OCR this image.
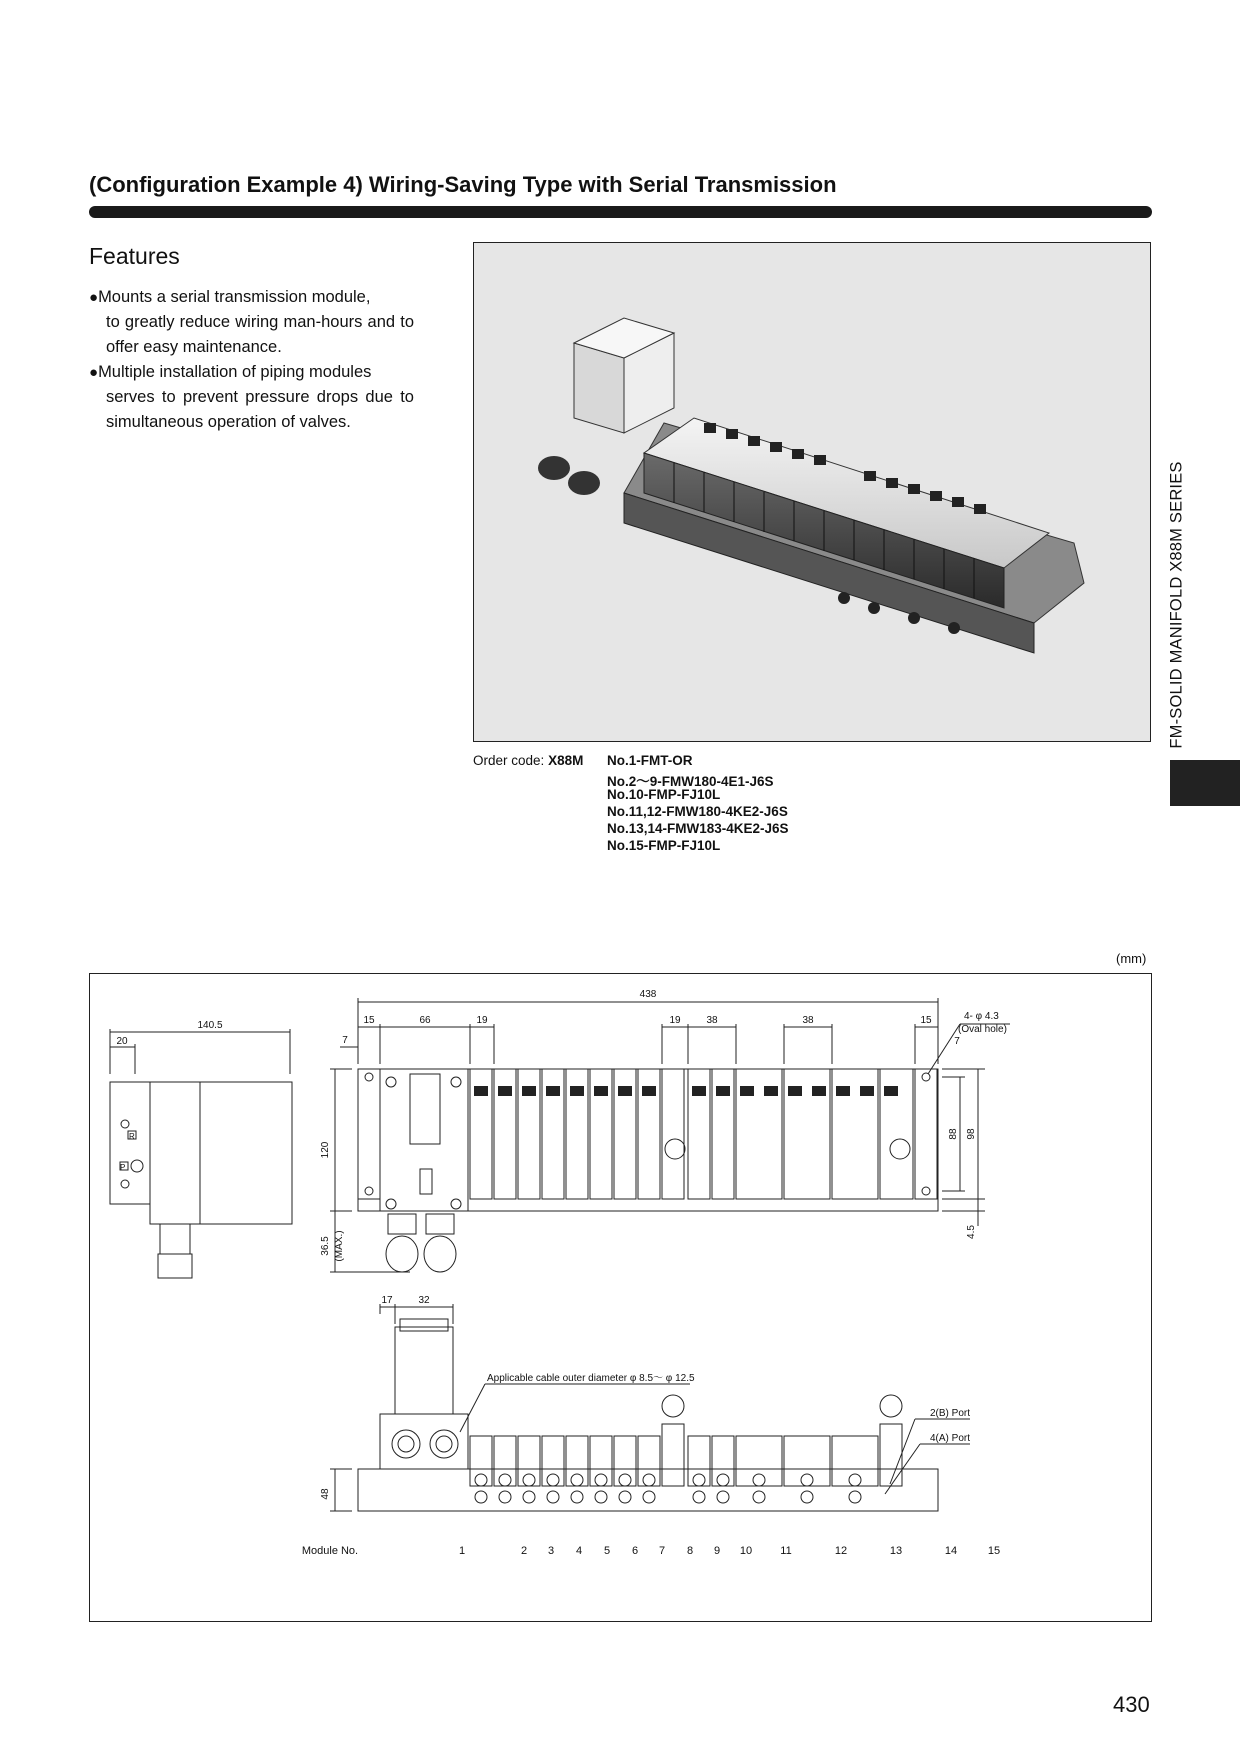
(Configuration Example 4) Wiring-Saving Type with Serial Transmission
Features
●Mounts a serial transmission module,
to greatly reduce wiring man-hours and to offer easy maintenance.
●Multiple installation of piping modules
serves to prevent pressure drops due to simultaneous operation of valves.
Order code: X88M No.1-FMT-OR
No.2～9-FMW180-4E1-J6S
No.10-FMP-FJ10L
No.11,12-FMW180-4KE2-J6S
No.13,14-FMW183-4KE2-J6S
No.15-FMP-FJ10L
FM-SOLID MANIFOLD X88M SERIES
(mm)
438
140.5
20
15	66	19	19	38	38	15
7	7
120
36.5 (MAX.)
88 98
4.5
17	32
48
4- φ 4.3
(Oval hole)
R
P
Applicable cable outer diameter φ 8.5～ φ 12.5
2(B) Port
4(A) Port
Module No.	1	2 3 4 5 6 7 8 9 10	11	12	13	14	15
430
